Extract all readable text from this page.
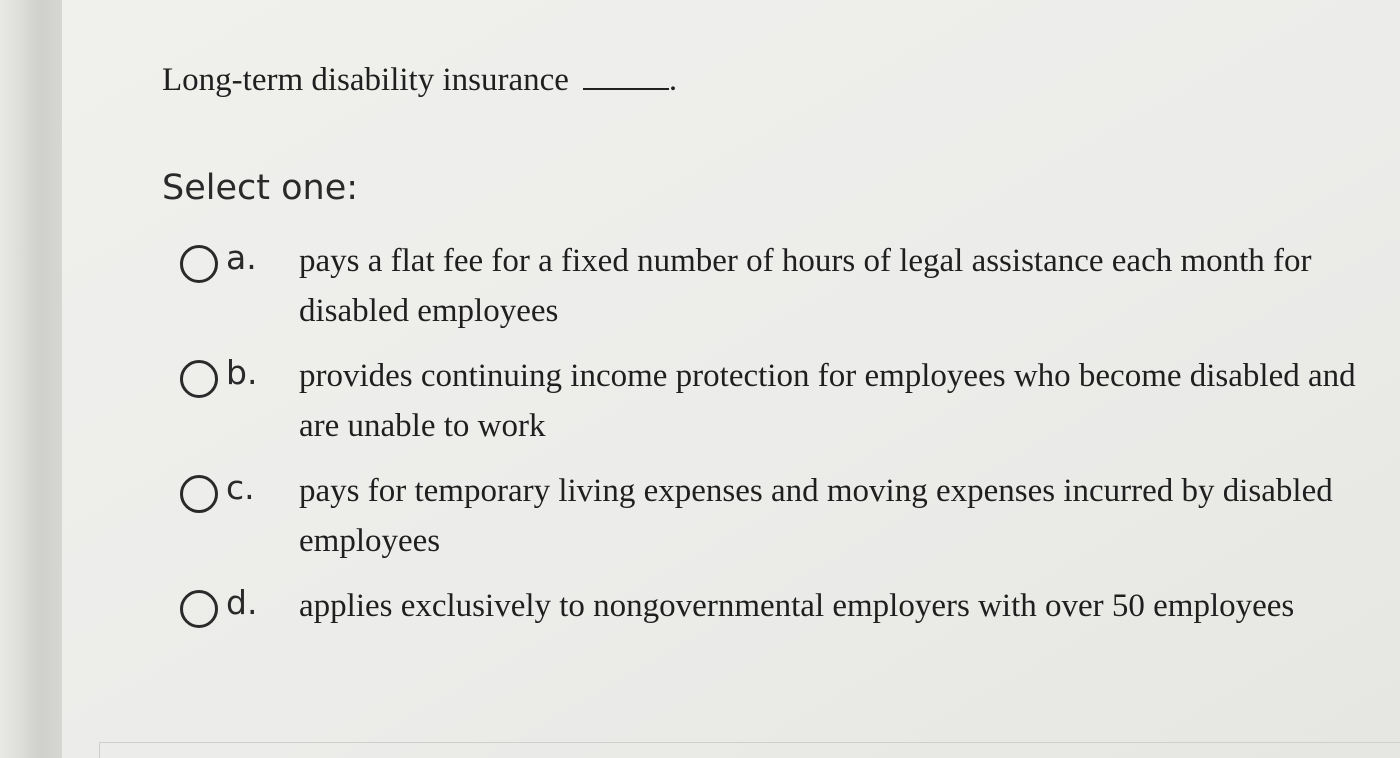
Long-term disability insurance	.
Select one:
a. pays a flat fee for a fixed number of hours of legal assistance each month for disabled employees
b. provides continuing income protection for employees who become disabled and are unable to work
c. pays for temporary living expenses and moving expenses incurred by disabled employees
d. applies exclusively to nongovernmental employers with over 50 employees
